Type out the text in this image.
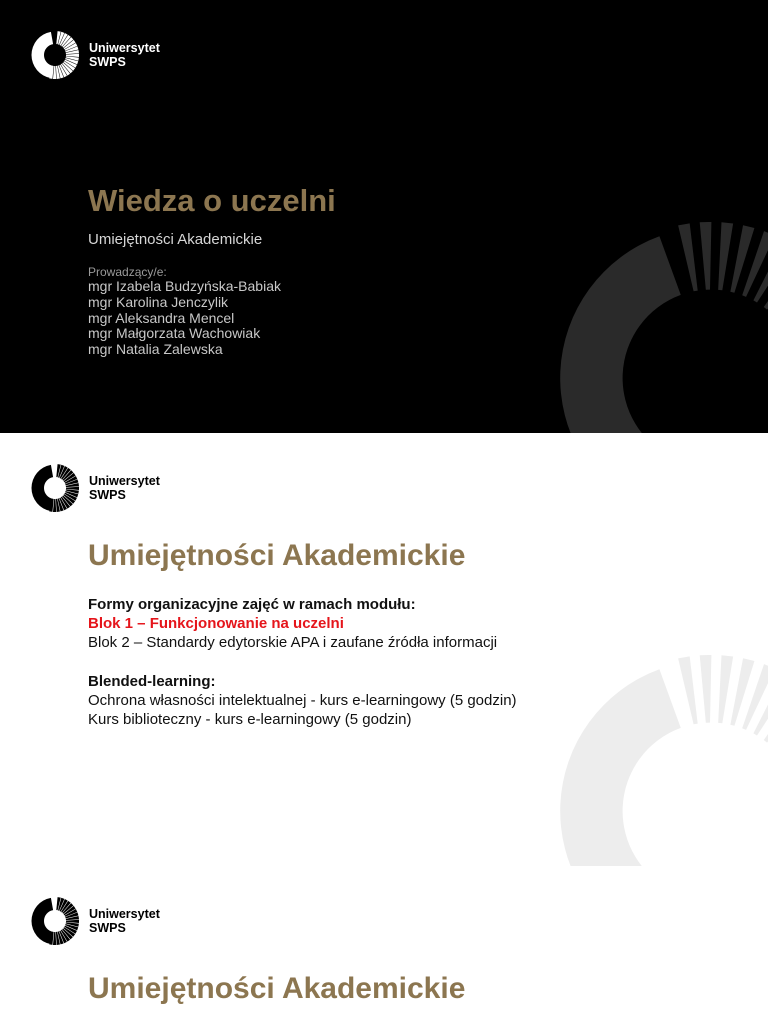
Uniwersytet
SWPS
Wiedza o uczelni

Umiejętności Akademickie

Prowadzący/e:
mgr Izabela Budzyńska-Babiak
mgr Karolina Jenczylik
mgr Aleksandra Mencel
mgr Małgorzata Wachowiak
mgr Natalia Zalewska
Uniwersytet
SWPS
Umiejętności Akademickie
Formy organizacyjne zajęć w ramach modułu:
Blok 1 – Funkcjonowanie na uczelni
Blok 2 – Standardy edytorskie APA i zaufane źródła informacji
Blended-learning:
Ochrona własności intelektualnej - kurs e-learningowy (5 godzin)
Kurs biblioteczny - kurs e-learningowy (5 godzin)
Uniwersytet
SWPS
Umiejętności Akademickie
